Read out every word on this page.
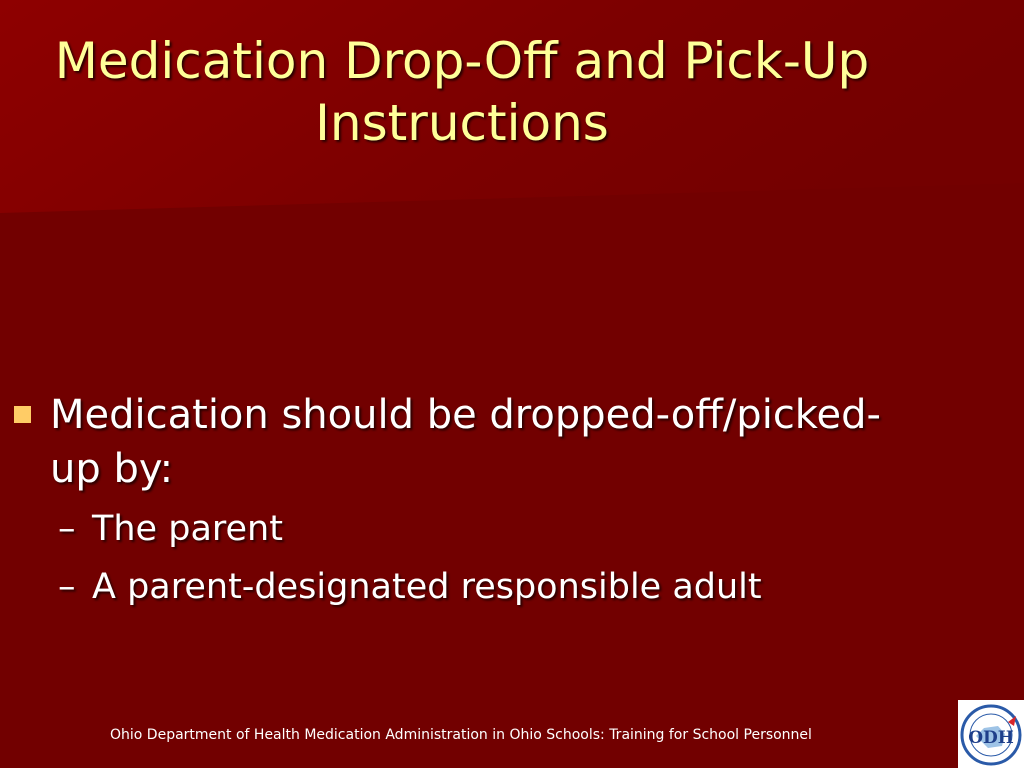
Medication Drop-Off and Pick-Up
Instructions
Medication should be dropped-off/picked-up by:
– The parent
– A parent-designated responsible adult
Ohio Department of Health Medication Administration in Ohio Schools: Training for School Personnel	ODH
